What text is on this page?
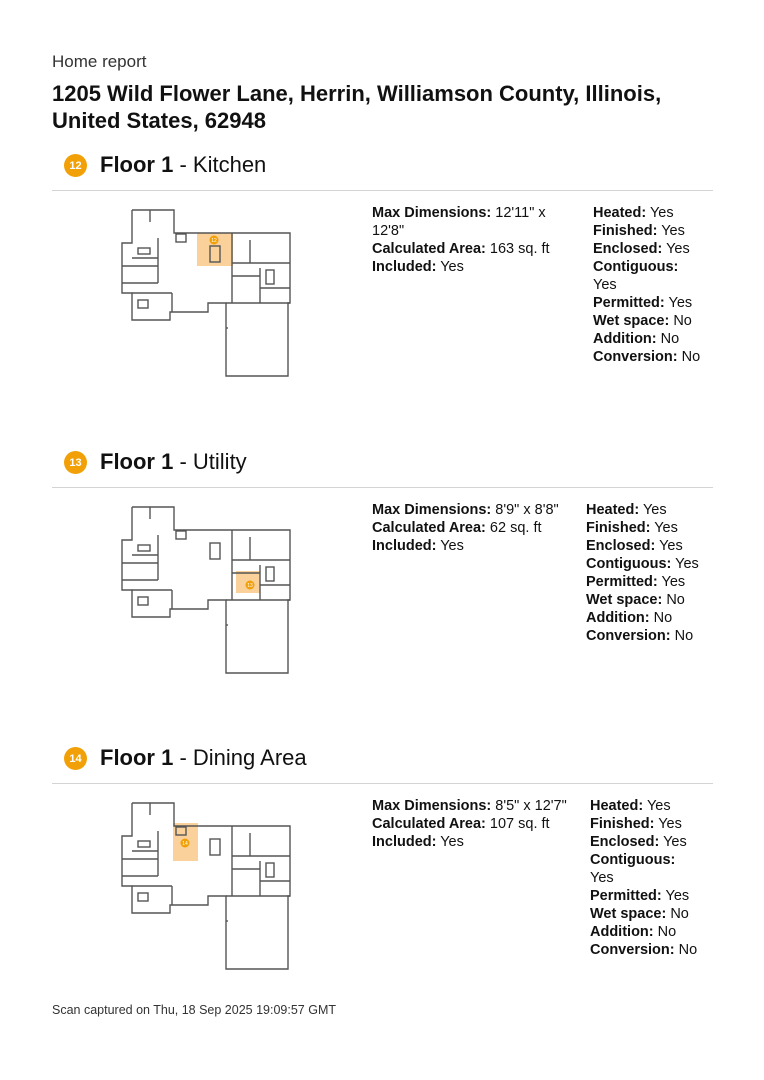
Home report

1205 Wild Flower Lane, Herrin, Williamson County, Illinois, United States, 62948
12 Floor 1 - Kitchen
12

Max Dimensions: 12'11" x 12'8"

Calculated Area: 163 sq. ft

Included: Yes

Heated: Yes

Finished: Yes

Enclosed: Yes

Contiguous: Yes

Permitted: Yes

Wet space: No

Addition: No

Conversion: No

13 Floor 1 - Utility
13

Max Dimensions: 8'9" x 8'8"

Calculated Area: 62 sq. ft

Included: Yes

Heated: Yes

Finished: Yes

Enclosed: Yes

Contiguous: Yes

Permitted: Yes

Wet space: No

Addition: No

Conversion: No

14 Floor 1 - Dining Area
14

Max Dimensions: 8'5" x 12'7"

Calculated Area: 107 sq. ft

Included: Yes

Heated: Yes

Finished: Yes

Enclosed: Yes

Contiguous: Yes

Permitted: Yes

Wet space: No

Addition: No

Conversion: No

Scan captured on Thu, 18 Sep 2025 19:09:57 GMT
